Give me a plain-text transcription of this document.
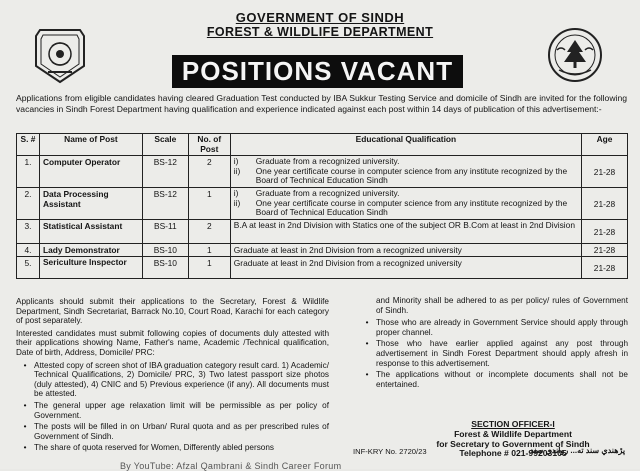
GOVERNMENT OF SINDH
FOREST & WILDLIFE DEPARTMENT
POSITIONS VACANT
Applications from eligible candidates having cleared Graduation Test conducted by IBA Sukkur Testing Service and domicile of Sindh are invited for the following vacancies in Sindh Forest Department having qualification and experience indicated against each post within 14 days of publication of this advertisement:-
S. #	Name of Post	Scale	No. of Post	Educational Qualification	Age
1.	Computer Operator	BS-12	2	i) Graduate from a recognized university.
ii) One year certificate course in computer science from any institute recognized by the Board of Technical Education Sindh	21-28
2.	Data Processing Assistant	BS-12	1	i) Graduate from a recognized university.
ii) One year certificate course in computer science from any institute recognized by the Board of Technical Education Sindh	21-28
3.	Statistical Assistant	BS-11	2	B.A at least in 2nd Division with Statics one of the subject OR B.Com at least in 2nd Division	21-28
4.	Lady Demonstrator	BS-10	1	Graduate at least in 2nd Division from a recognized university	21-28
5.	Sericulture Inspector	BS-10	1	Graduate at least in 2nd Division from a recognized university	21-28

Applicants should submit their applications to the Secretary, Forest & Wildlife Department, Sindh Secretariat, Barrack No.10, Court Road, Karachi for each category of post separately.

Interested candidates must submit following copies of documents duly attested with their applications showing Name, Father's name, Academic /Technical qualification, Date of birth, Address, Domicile/ PRC:

• Attested copy of screen shot of IBA graduation category result card. 1) Academic/ Technical Qualifications, 2) Domicile/ PRC, 3) Two latest passport size photos (duly attested), 4) CNIC and 5) Previous experience (if any). All documents must be attested.
• The general upper age relaxation limit will be permissible as per policy of Government.
• The posts will be filled in on Urban/ Rural quota and as per prescribed rules of Government of Sindh.
• The share of quota reserved for Women, Differently abled persons

and Minority shall be adhered to as per policy/ rules of Government of Sindh.

• Those who are already in Government Service should apply through proper channel.
• Those who have earlier applied against any post through advertisement in Sindh Forest Department should apply afresh in response to this advertisement.
• The applications without or incomplete documents shall not be entertained.
SECTION OFFICER-I
Forest & Wildlife Department
for Secretary to Government of Sindh
Telephone # 021-99203105
INF-KRY No. 2720/23	پڙهندي سند ته... رواندي سند
By YouTube: Afzal Qambrani & Sindh Career Forum
